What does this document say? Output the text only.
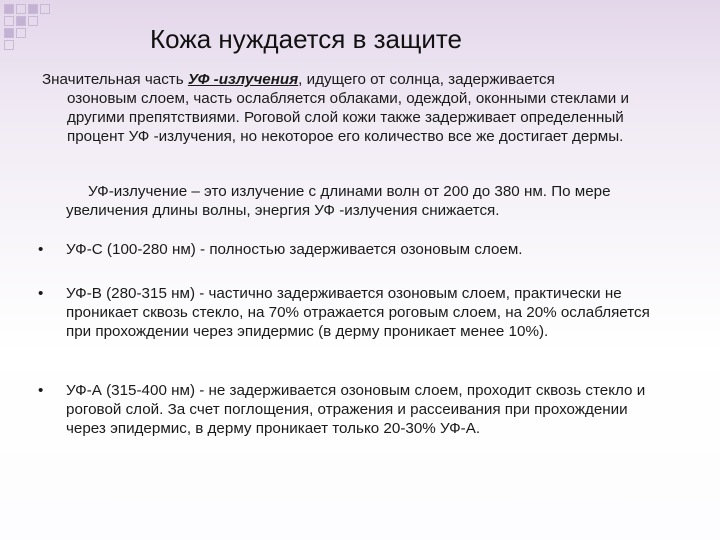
Кожа нуждается в защите

Значительная часть УФ -излучения, идущего от солнца, задерживается
озоновым слоем, часть ослабляется облаками, одеждой, оконными стеклами и другими препятствиями. Роговой слой кожи также задерживает определенный процент УФ -излучения, но некоторое его количество все же достигает дермы.

УФ-излучение – это излучение с длинами волн от 200 до 380 нм. По мере увеличения длины волны, энергия УФ -излучения снижается.

• УФ-С (100-280 нм) - полностью задерживается озоновым слоем.

• УФ-В (280-315 нм) - частично задерживается озоновым слоем, практически не проникает сквозь стекло, на 70% отражается роговым слоем, на 20% ослабляется при прохождении через эпидермис (в дерму проникает менее 10%).

• УФ-А (315-400 нм) - не задерживается озоновым слоем, проходит сквозь стекло и роговой слой. За счет поглощения, отражения и рассеивания при прохождении через эпидермис, в дерму проникает только 20-30% УФ-А.
